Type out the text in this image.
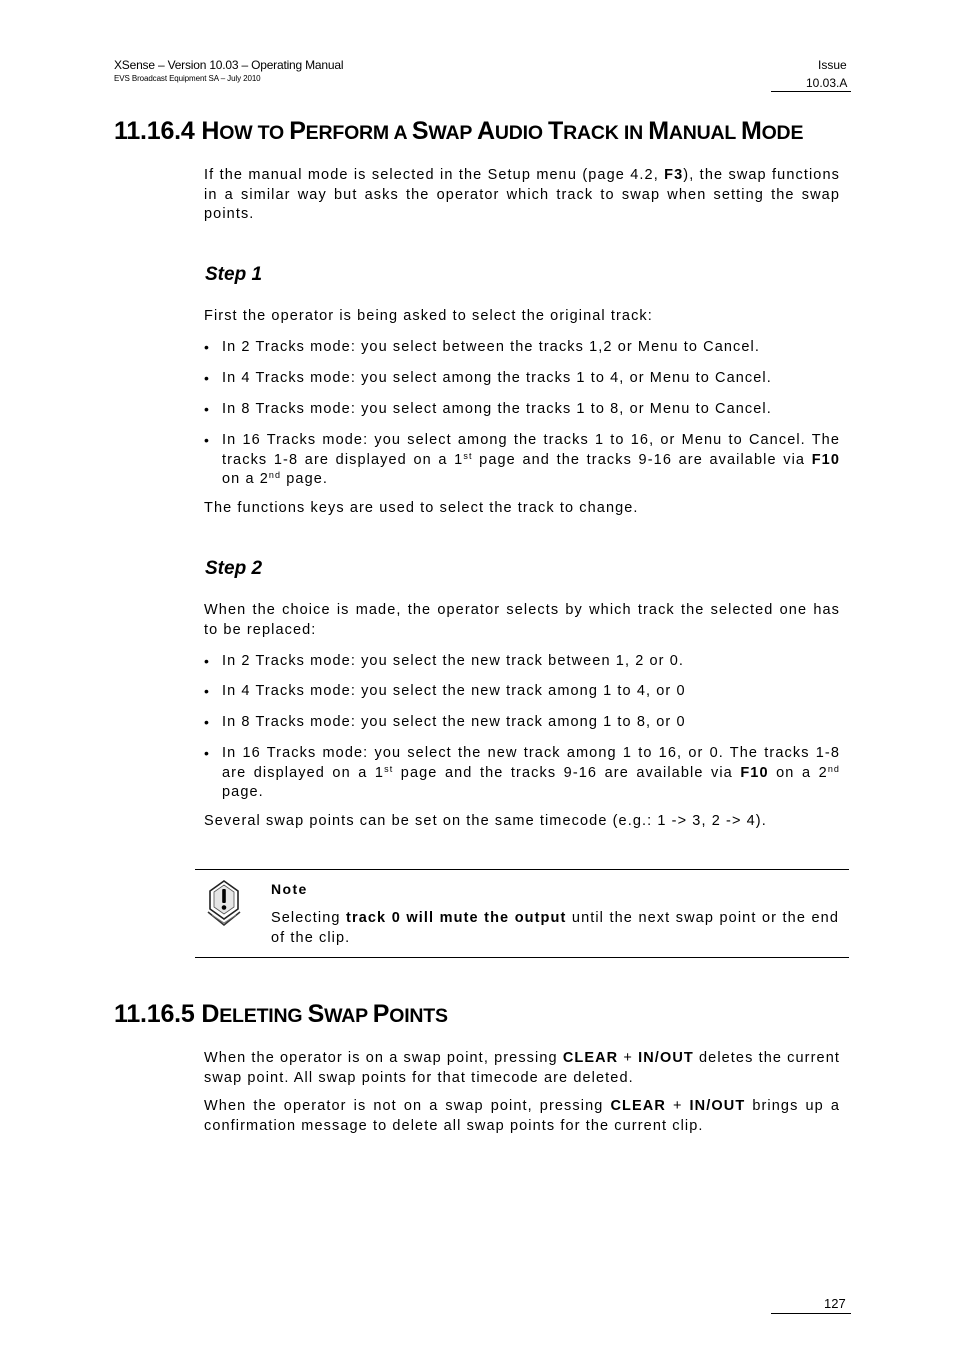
XSense – Version 10.03 – Operating Manual
EVS Broadcast Equipment SA – July 2010
Issue
10.03.A
11.16.4 HOW TO PERFORM A SWAP AUDIO TRACK IN MANUAL MODE
If the manual mode is selected in the Setup menu (page 4.2, F3), the swap functions in a similar way but asks the operator which track to swap when setting the swap points.
Step 1
First the operator is being asked to select the original track:
• In 2 Tracks mode: you select between the tracks 1,2 or Menu to Cancel.
• In 4 Tracks mode: you select among the tracks 1 to 4, or Menu to Cancel.
• In 8 Tracks mode: you select among the tracks 1 to 8, or Menu to Cancel.
• In 16 Tracks mode: you select among the tracks 1 to 16, or Menu to Cancel. The tracks 1-8 are displayed on a 1st page and the tracks 9-16 are available via F10 on a 2nd page.
The functions keys are used to select the track to change.
Step 2
When the choice is made, the operator selects by which track the selected one has to be replaced:
• In 2 Tracks mode: you select the new track between 1, 2 or 0.
• In 4 Tracks mode: you select the new track among 1 to 4, or 0
• In 8 Tracks mode: you select the new track among 1 to 8, or 0
• In 16 Tracks mode: you select the new track among 1 to 16, or 0. The tracks 1-8 are displayed on a 1st page and the tracks 9-16 are available via F10 on a 2nd page.
Several swap points can be set on the same timecode (e.g.: 1 -> 3, 2 -> 4).
Note
Selecting track 0 will mute the output until the next swap point or the end of the clip.
11.16.5 DELETING SWAP POINTS
When the operator is on a swap point, pressing CLEAR + IN/OUT deletes the current swap point. All swap points for that timecode are deleted.
When the operator is not on a swap point, pressing CLEAR + IN/OUT brings up a confirmation message to delete all swap points for the current clip.
127
